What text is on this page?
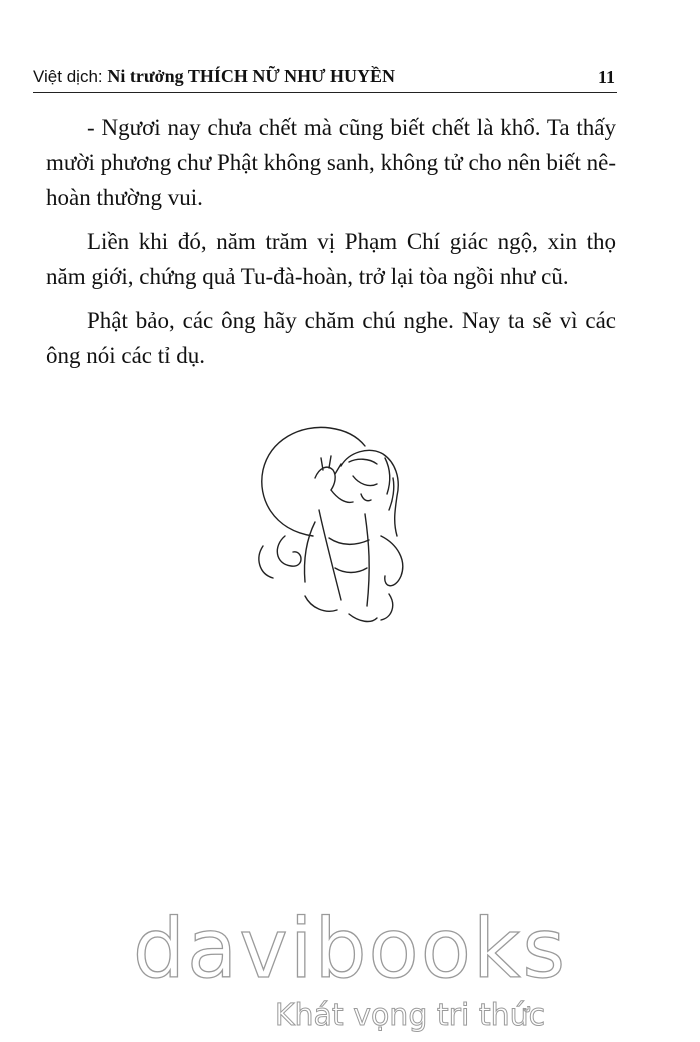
Việt dịch: Ni trưởng THÍCH NỮ NHƯ HUYỀN	11

- Ngươi nay chưa chết mà cũng biết chết là khổ. Ta thấy mười phương chư Phật không sanh, không tử cho nên biết nê-hoàn thường vui.

Liền khi đó, năm trăm vị Phạm Chí giác ngộ, xin thọ năm giới, chứng quả Tu-đà-hoàn, trở lại tòa ngồi như cũ.

Phật bảo, các ông hãy chăm chú nghe. Nay ta sẽ vì các ông nói các tỉ dụ.

davibooks
Khát vọng tri thức
